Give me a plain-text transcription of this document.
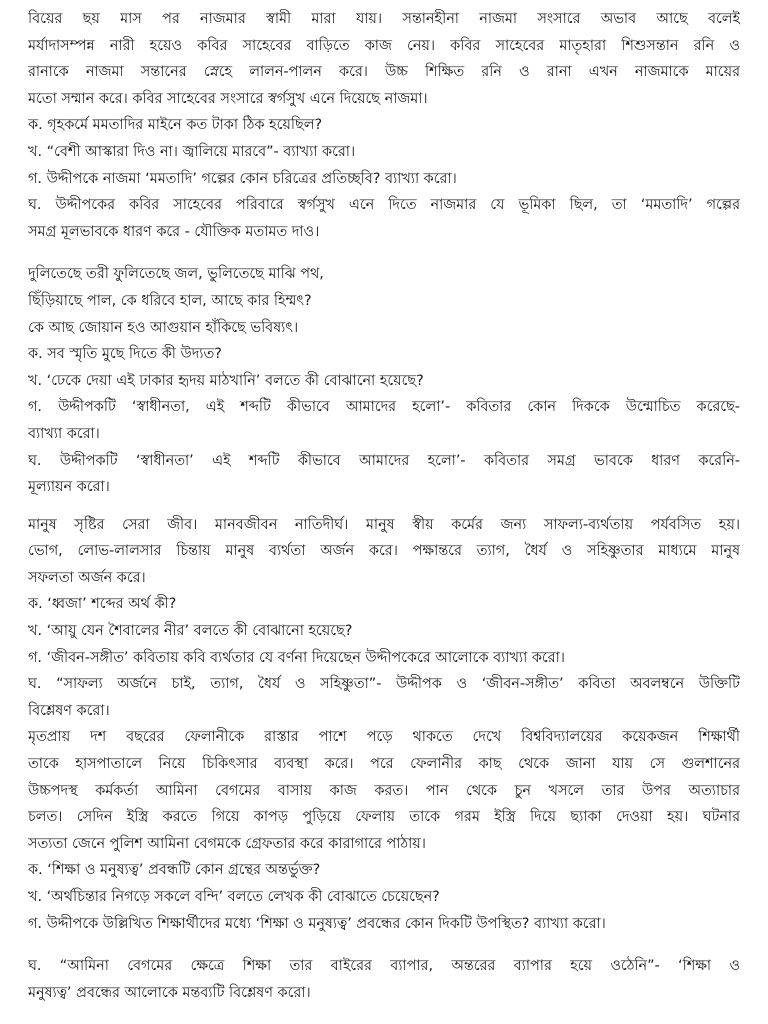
বিয়ের ছয় মাস পর নাজমার স্বামী মারা যায়। সন্তানহীনা নাজমা সংসারে অভাব আছে বলেই
মর্যাদাসম্পন্ন নারী হয়েও কবির সাহেবের বাড়িতে কাজ নেয়। কবির সাহেবের মাতৃহারা শিশুসন্তান রনি ও
রানাকে নাজমা সন্তানের স্নেহে লালন-পালন করে। উচ্চ শিক্ষিত রনি ও রানা এখন নাজমাকে মায়ের
মতো সম্মান করে। কবির সাহেবের সংসারে স্বর্গসুখ এনে দিয়েছে নাজমা।
ক. গৃহকর্মে মমতাদির মাইনে কত টাকা ঠিক হয়েছিল?
খ. “বেশী আস্কারা দিও না। জ্বালিয়ে মারবে”- ব্যাখ্যা করো।
গ. উদ্দীপকে নাজমা ‘মমতাদি’ গল্পের কোন চরিত্রের প্রতিচ্ছবি? ব্যাখ্যা করো।
ঘ. উদ্দীপকের কবির সাহেবের পরিবারে স্বর্গসুখ এনে দিতে নাজমার যে ভূমিকা ছিল, তা ‘মমতাদি’ গল্পের
সমগ্র মূলভাবকে ধারণ করে - যৌক্তিক মতামত দাও।
দুলিতেছে তরী ফুলিতেছে জল, ভুলিতেছে মাঝি পথ,
ছিঁড়িয়াছে পাল, কে ধরিবে হাল, আছে কার হিম্মৎ?
কে আছ জোয়ান হও আগুয়ান হাঁকিছে ভবিষ্যৎ।
ক. সব স্মৃতি মুছে দিতে কী উদ্যত?
খ. ‘ঢেকে দেয়া এই ঢাকার হৃদয় মাঠখানি’ বলতে কী বোঝানো হয়েছে?
গ. উদ্দীপকটি ‘স্বাধীনতা, এই শব্দটি কীভাবে আমাদের হলো’- কবিতার কোন দিককে উন্মোচিত করেছে-
ব্যাখ্যা করো।
ঘ. উদ্দীপকটি ‘স্বাধীনতা’ এই শব্দটি কীভাবে আমাদের হলো’- কবিতার সমগ্র ভাবকে ধারণ করেনি-
মূল্যায়ন করো।
মানুষ সৃষ্টির সেরা জীব। মানবজীবন নাতিদীর্ঘ। মানুষ স্বীয় কর্মের জন্য সাফল্য-ব্যর্থতায় পর্যবসিত হয়।
ভোগ, লোভ-লালসার চিন্তায় মানুষ ব্যর্থতা অর্জন করে। পক্ষান্তরে ত্যাগ, ধৈর্য ও সহিষ্ণুতার মাধ্যমে মানুষ
সফলতা অর্জন করে।
ক. ‘ধ্বজা’ শব্দের অর্থ কী?
খ. ‘আয়ু যেন শৈবালের নীর’ বলতে কী বোঝানো হয়েছে?
গ. ‘জীবন-সঙ্গীত’ কবিতায় কবি ব্যর্থতার যে বর্ণনা দিয়েছেন উদ্দীপকেরে আলোকে ব্যাখ্যা করো।
ঘ. “সাফল্য অর্জনে চাই, ত্যাগ, ধৈর্য ও সহিষ্ণুতা”- উদ্দীপক ও ‘জীবন-সঙ্গীত’ কবিতা অবলম্বনে উক্তিটি
বিশ্লেষণ করো।
মৃতপ্রায় দশ বছরের ফেলানীকে রাস্তার পাশে পড়ে থাকতে দেখে বিশ্ববিদ্যালয়ের কয়েকজন শিক্ষার্থী
তাকে হাসপাতালে নিয়ে চিকিৎসার ব্যবস্থা করে। পরে ফেলানীর কাছ থেকে জানা যায় সে গুলশানের
উচ্চপদস্থ কর্মকর্তা আমিনা বেগমের বাসায় কাজ করত। পান থেকে চুন খসলে তার উপর অত্যাচার
চলত। সেদিন ইস্ত্রি করতে গিয়ে কাপড় পুড়িয়ে ফেলায় তাকে গরম ইস্ত্রি দিয়ে ছ্যাকা দেওয়া হয়। ঘটনার
সত্যতা জেনে পুলিশ আমিনা বেগমকে গ্রেফতার করে কারাগারে পাঠায়।
ক. ‘শিক্ষা ও মনুষ্যত্ব’ প্রবন্ধটি কোন গ্রন্থের অন্তর্ভুক্ত?
খ. ‘অর্থচিন্তার নিগড়ে সকলে বন্দি’ বলতে লেখক কী বোঝাতে চেয়েছেন?
গ. উদ্দীপকে উল্লিখিত শিক্ষার্থীদের মধ্যে ‘শিক্ষা ও মনুষ্যত্ব’ প্রবন্ধের কোন দিকটি উপস্থিত? ব্যাখ্যা করো।
ঘ. “আমিনা বেগমের ক্ষেত্রে শিক্ষা তার বাইরের ব্যাপার, অন্তরের ব্যাপার হয়ে ওঠেনি”- ‘শিক্ষা ও
মনুষ্যত্ব’ প্রবন্ধের আলোকে মন্তব্যটি বিশ্লেষণ করো।
